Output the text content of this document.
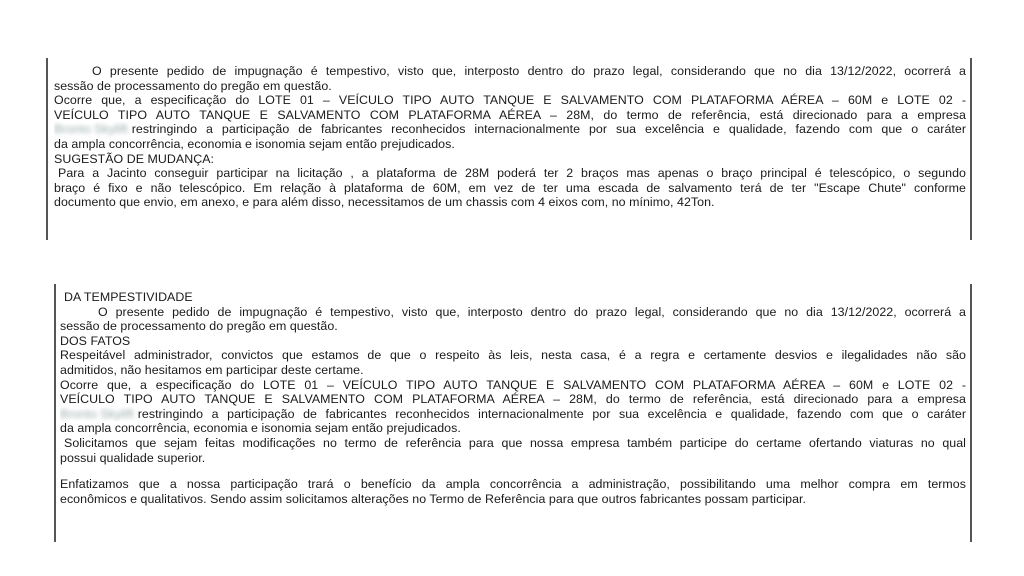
O presente pedido de impugnação é tempestivo, visto que, interposto dentro do prazo legal, considerando que no dia 13/12/2022, ocorrerá a
sessão de processamento do pregão em questão.
Ocorre que, a especificação do LOTE 01 – VEÍCULO TIPO AUTO TANQUE E SALVAMENTO COM PLATAFORMA AÉREA – 60M e LOTE 02 -
VEÍCULO TIPO AUTO TANQUE E SALVAMENTO COM PLATAFORMA AÉREA – 28M, do termo de referência, está direcionado para a empresa
Bronto Skylift restringindo a participação de fabricantes reconhecidos internacionalmente por sua excelência e qualidade, fazendo com que o caráter
da ampla concorrência, economia e isonomia sejam então prejudicados.
SUGESTÃO DE MUDANÇA:
Para a Jacinto conseguir participar na licitação , a plataforma de 28M poderá ter 2 braços mas apenas o braço principal é telescópico, o segundo
braço é fixo e não telescópico. Em relação à plataforma de 60M, em vez de ter uma escada de salvamento terá de ter "Escape Chute" conforme
documento que envio, em anexo, e para além disso, necessitamos de um chassis com 4 eixos com, no mínimo, 42Ton.
DA TEMPESTIVIDADE
O presente pedido de impugnação é tempestivo, visto que, interposto dentro do prazo legal, considerando que no dia 13/12/2022, ocorrerá a
sessão de processamento do pregão em questão.
DOS FATOS
Respeitável administrador, convictos que estamos de que o respeito às leis, nesta casa, é a regra e certamente desvios e ilegalidades não são
admitidos, não hesitamos em participar deste certame.
Ocorre que, a especificação do LOTE 01 – VEÍCULO TIPO AUTO TANQUE E SALVAMENTO COM PLATAFORMA AÉREA – 60M e LOTE 02 -
VEÍCULO TIPO AUTO TANQUE E SALVAMENTO COM PLATAFORMA AÉREA – 28M, do termo de referência, está direcionado para a empresa
Bronto Skylift restringindo a participação de fabricantes reconhecidos internacionalmente por sua excelência e qualidade, fazendo com que o caráter
da ampla concorrência, economia e isonomia sejam então prejudicados.
Solicitamos que sejam feitas modificações no termo de referência para que nossa empresa também participe do certame ofertando viaturas no qual
possui qualidade superior.
Enfatizamos que a nossa participação trará o benefício da ampla concorrência a administração, possibilitando uma melhor compra em termos
econômicos e qualitativos. Sendo assim solicitamos alterações no Termo de Referência para que outros fabricantes possam participar.
